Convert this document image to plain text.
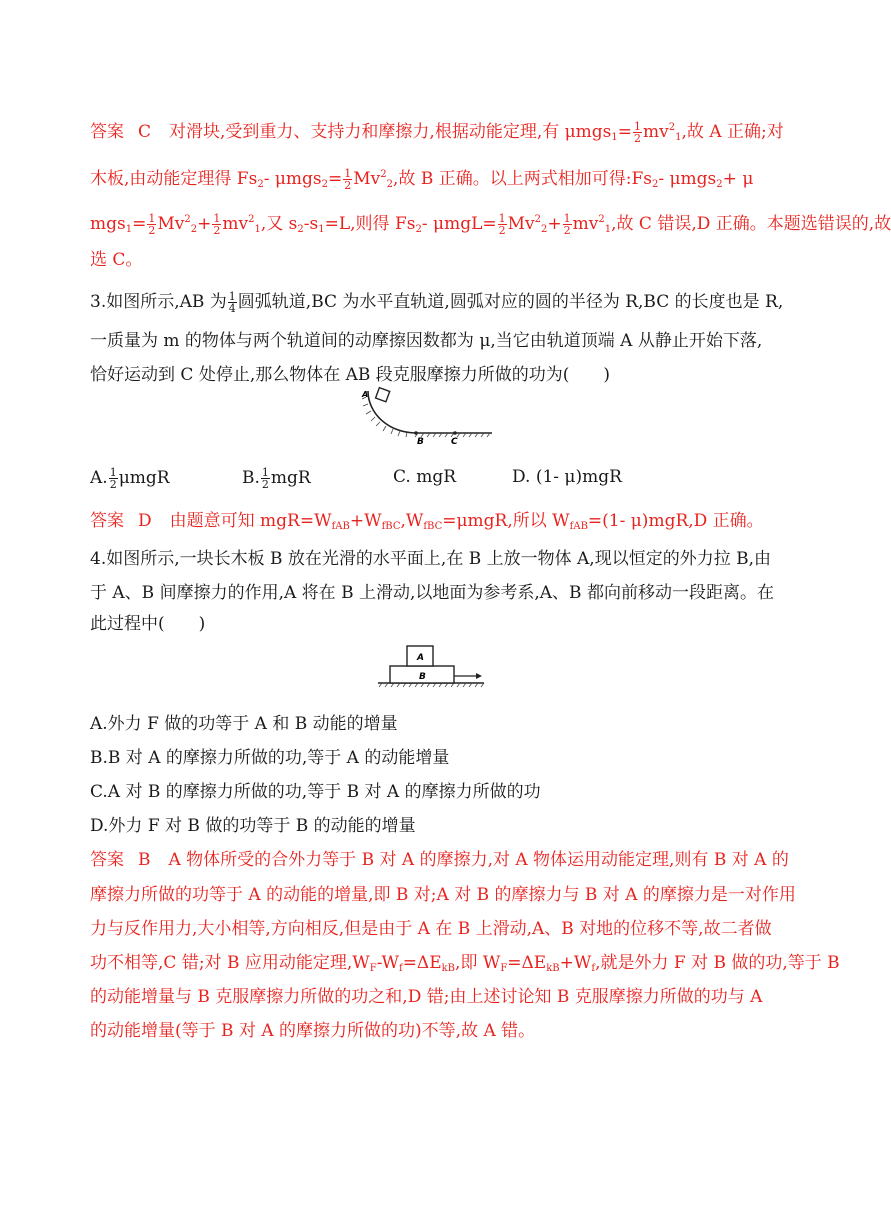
答案 C 对滑块,受到重力、支持力和摩擦力,根据动能定理,有 $\mu mgs_1= \frac{1}{2} mv^2_1$,故 A 正确;对
木板,由动能定理得 $Fs_2-$ $\mu mgs_2= \frac{1}{2} Mv^2_2$,故 B 正确。以上两式相加可得$:Fs_2-$ μmgs$_2$+ μ
$mgs_1= \frac{1}{2} Mv^2_2+ \frac{1}{2} mv^2_1$,又 $s_2-s_1=L$,则得 $Fs_2-$ $\mu mgL= \frac{1}{2} Mv^2_2+ \frac{1}{2} mv^2_1$,故 C 错误,D 正确。本题选错误的,故
选 C。
3.如图所示,AB 为 $\frac{1}{4}$ 圆弧轨道,BC 为水平直轨道,圆弧对应的圆的半径为 R,BC 的长度也是 R,
一质量为 m 的物体与两个轨道间的动摩擦因数都为 μ,当它由轨道顶端 A 从静止开始下落,
恰好运动到 C 处停止,那么物体在 AB 段克服摩擦力所做的功为(　　)
A
B	C
A. $\frac{1}{2}$ μmgR	B. $\frac{1}{2}$ mgR	C. mgR	D. (1- μ)mgR
答案 D 由题意可知 $mgR=W_{fAB}+W_{fBC},W_{fBC}=\mu mgR$,所以 $W_{fAB}=(1-$ μ)mgR,D 正确。
4.如图所示,一块长木板 B 放在光滑的水平面上,在 B 上放一物体 A,现以恒定的外力拉 B,由
于 A、B 间摩擦力的作用,A 将在 B 上滑动,以地面为参考系,A、B 都向前移动一段距离。在
此过程中(　　)
A
B
A.外力 F 做的功等于 A 和 B 动能的增量
B.B 对 A 的摩擦力所做的功,等于 A 的动能增量
C.A 对 B 的摩擦力所做的功,等于 B 对 A 的摩擦力所做的功
D.外力 F 对 B 做的功等于 B 的动能的增量
答案 B A 物体所受的合外力等于 B 对 A 的摩擦力,对 A 物体运用动能定理,则有 B 对 A 的
摩擦力所做的功等于 A 的动能的增量,即 B 对;A 对 B 的摩擦力与 B 对 A 的摩擦力是一对作用
力与反作用力,大小相等,方向相反,但是由于 A 在 B 上滑动,A、B 对地的位移不等,故二者做
功不相等,C 错;对 B 应用动能定理$,W_F-W_f=\Delta E_{kB}$,即 $W_F=\Delta E_{kB}+W_f$,就是外力 F 对 B 做的功,等于 B
的动能增量与 B 克服摩擦力所做的功之和,D 错;由上述讨论知 B 克服摩擦力所做的功与 A
的动能增量(等于 B 对 A 的摩擦力所做的功)不等,故 A 错。
